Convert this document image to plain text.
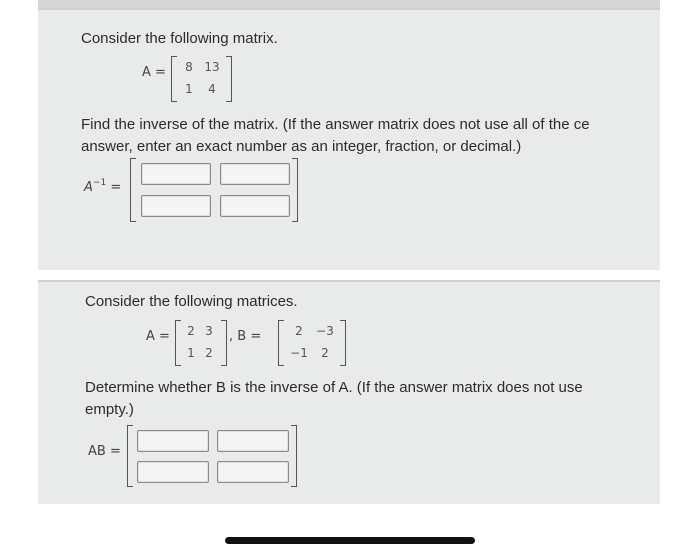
Consider the following matrix.
A =	8 13
1	4
Find the inverse of the matrix. (If the answer matrix does not use all of the ce
answer, enter an exact number as an integer, fraction, or decimal.)
$A^{-1}$ =
Consider the following matrices.
A =	2 3
1 2
, B =	2	−3
−1	2
Determine whether B is the inverse of A. (If the answer matrix does not use
empty.)
AB =
